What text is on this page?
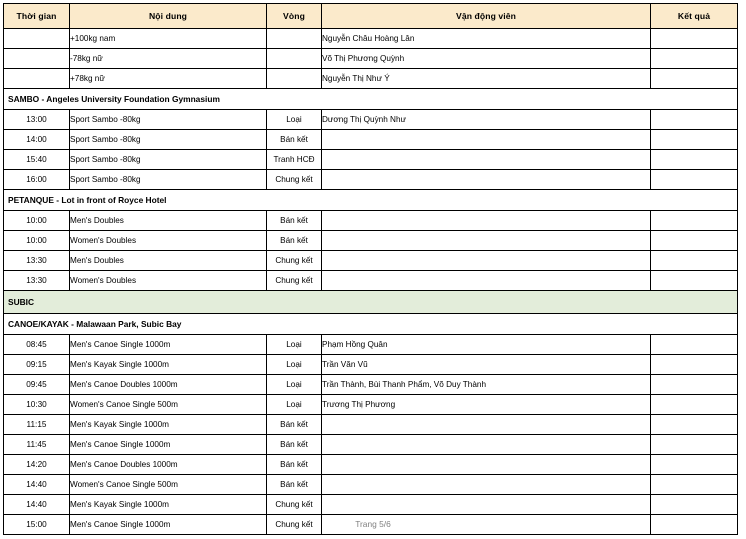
Thời gian	Nội dung	Vòng	Vận động viên	Kết quả
	+100kg nam		Nguyễn Châu Hoàng Lân	
	-78kg nữ		Võ Thị Phương Quỳnh	
	+78kg nữ		Nguyễn Thị Như Ý	
SAMBO - Angeles University Foundation Gymnasium				
13:00	Sport Sambo -80kg	Loại	Dương Thị Quỳnh Như	
14:00	Sport Sambo -80kg	Bán kết		
15:40	Sport Sambo -80kg	Tranh HCĐ		
16:00	Sport Sambo -80kg	Chung kết		
PETANQUE - Lot in front of Royce Hotel				
10:00	Men's Doubles	Bán kết		
10:00	Women's Doubles	Bán kết		
13:30	Men's Doubles	Chung kết		
13:30	Women's Doubles	Chung kết		
SUBIC				
CANOE/KAYAK - Malawaan Park, Subic Bay				
08:45	Men's Canoe Single 1000m	Loại	Phạm Hồng Quân	
09:15	Men's Kayak Single 1000m	Loại	Trần Văn Vũ	
09:45	Men's Canoe Doubles 1000m	Loại	Trần Thành, Bùi Thanh Phẩm, Võ Duy Thành	
10:30	Women's Canoe Single 500m	Loại	Trương Thị Phương	
11:15	Men's Kayak Single 1000m	Bán kết		
11:45	Men's Canoe Single 1000m	Bán kết		
14:20	Men's Canoe Doubles 1000m	Bán kết		
14:40	Women's Canoe Single 500m	Bán kết		
14:40	Men's Kayak Single 1000m	Chung kết		
15:00	Men's Canoe Single 1000m	Chung kết			Trang 5/6
